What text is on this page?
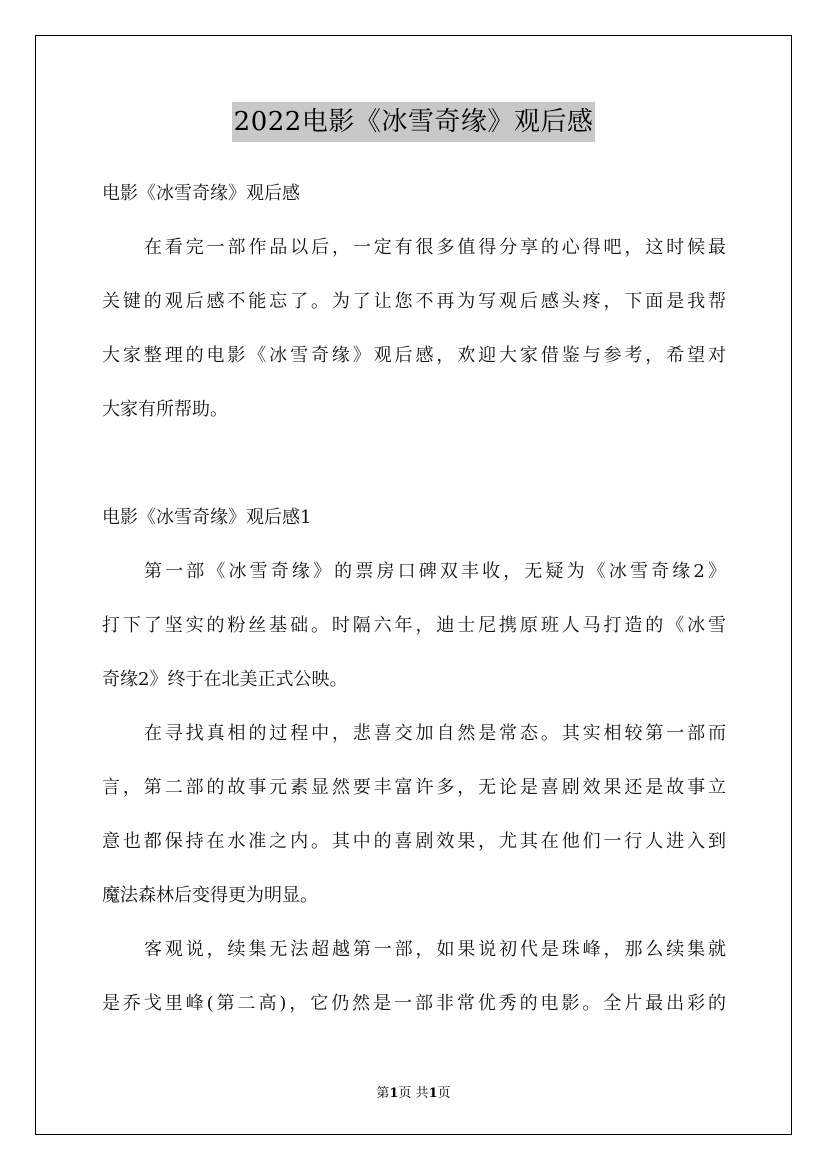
2022电影《冰雪奇缘》观后感

电影《冰雪奇缘》观后感

在看完一部作品以后，一定有很多值得分享的心得吧，这时候最

关键的观后感不能忘了。为了让您不再为写观后感头疼，下面是我帮

大家整理的电影《冰雪奇缘》观后感，欢迎大家借鉴与参考，希望对

大家有所帮助。

电影《冰雪奇缘》观后感1

第一部《冰雪奇缘》的票房口碑双丰收，无疑为《冰雪奇缘2》

打下了坚实的粉丝基础。时隔六年，迪士尼携原班人马打造的《冰雪

奇缘2》终于在北美正式公映。

在寻找真相的过程中，悲喜交加自然是常态。其实相较第一部而

言，第二部的故事元素显然要丰富许多，无论是喜剧效果还是故事立

意也都保持在水准之内。其中的喜剧效果，尤其在他们一行人进入到

魔法森林后变得更为明显。

客观说，续集无法超越第一部，如果说初代是珠峰，那么续集就

是乔戈里峰(第二高)，它仍然是一部非常优秀的电影。全片最出彩的

第1页 共1页
